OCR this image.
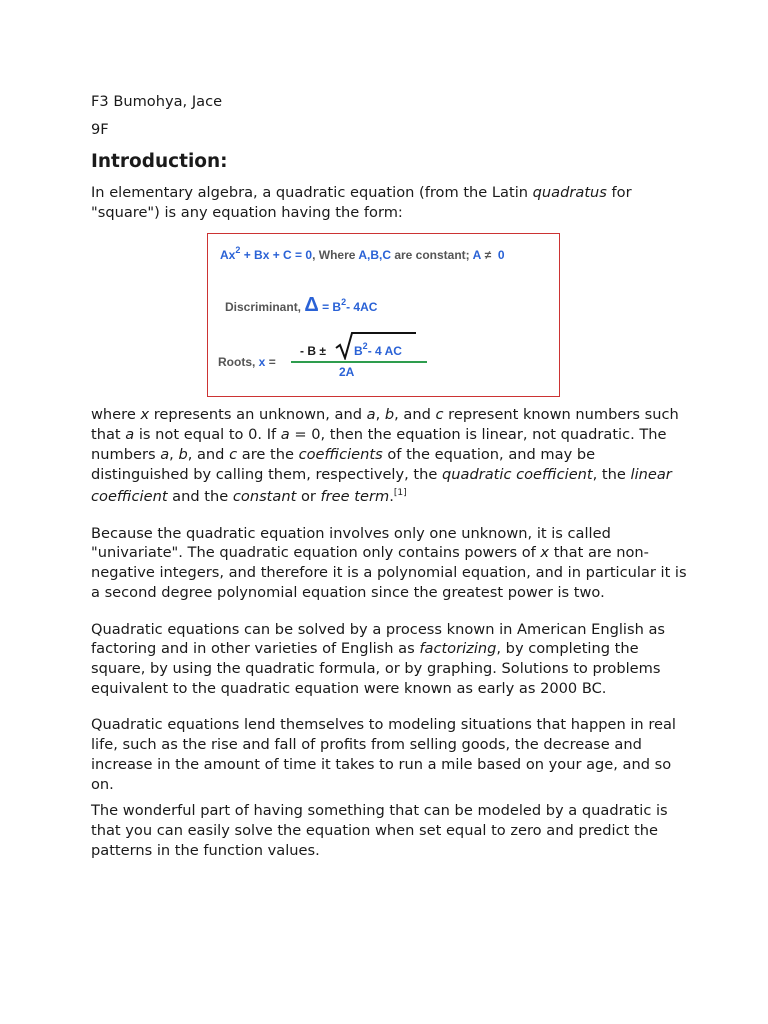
F3 Bumohya, Jace

9F

Introduction:

In elementary algebra, a quadratic equation (from the Latin quadratus for "square") is any equation having the form:

$Ax^2 + Bx + C = 0$, Where A,B,C are constant; A ≠ 0
Discriminant, $\Delta = B^2-$ 4AC
Roots, x =
- $B \pm B^2-$ 4 AC
2A

where x represents an unknown, and a, b, and c represent known numbers such that a is not equal to 0. If a = 0, then the equation is linear, not quadratic. The numbers a, b, and c are the coefficients of the equation, and may be distinguished by calling them, respectively, the quadratic coefficient, the linear coefficient and the constant or free term.[1]

Because the quadratic equation involves only one unknown, it is called "univariate". The quadratic equation only contains powers of x that are non-negative integers, and therefore it is a polynomial equation, and in particular it is a second degree polynomial equation since the greatest power is two.

Quadratic equations can be solved by a process known in American English as factoring and in other varieties of English as factorizing, by completing the square, by using the quadratic formula, or by graphing. Solutions to problems equivalent to the quadratic equation were known as early as 2000 BC.

Quadratic equations lend themselves to modeling situations that happen in real life, such as the rise and fall of profits from selling goods, the decrease and increase in the amount of time it takes to run a mile based on your age, and so on.

The wonderful part of having something that can be modeled by a quadratic is that you can easily solve the equation when set equal to zero and predict the patterns in the function values.
